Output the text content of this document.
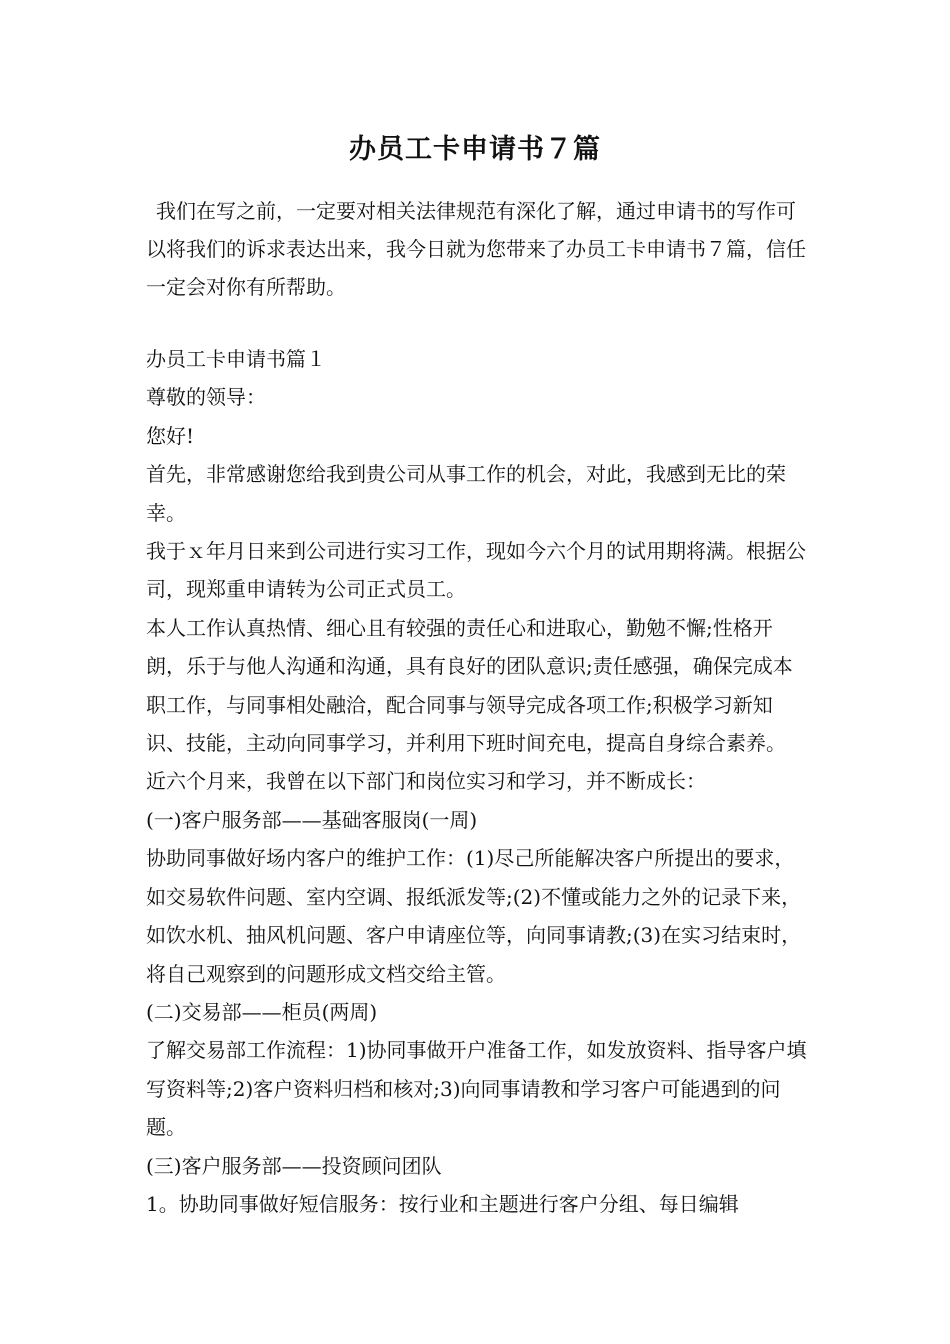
办员工卡申请书７篇

我们在写之前，一定要对相关法律规范有深化了解，通过申请书的写作可以将我们的诉求表达出来，我今日就为您带来了办员工卡申请书７篇，信任一定会对你有所帮助。

办员工卡申请书篇１

尊敬的领导：

您好!

首先，非常感谢您给我到贵公司从事工作的机会，对此，我感到无比的荣幸。

我于ｘ年月日来到公司进行实习工作，现如今六个月的试用期将满。根据公司，现郑重申请转为公司正式员工。

本人工作认真热情、细心且有较强的责任心和进取心，勤勉不懈;性格开朗，乐于与他人沟通和沟通，具有良好的团队意识;责任感强，确保完成本职工作，与同事相处融洽，配合同事与领导完成各项工作;积极学习新知识、技能，主动向同事学习，并利用下班时间充电，提高自身综合素养。

近六个月来，我曾在以下部门和岗位实习和学习，并不断成长：

(一)客户服务部——基础客服岗(一周)

协助同事做好场内客户的维护工作：(1)尽己所能解决客户所提出的要求，如交易软件问题、室内空调、报纸派发等;(2)不懂或能力之外的记录下来，如饮水机、抽风机问题、客户申请座位等，向同事请教;(3)在实习结束时，将自己观察到的问题形成文档交给主管。

(二)交易部——柜员(两周)

了解交易部工作流程：1)协同事做开户准备工作，如发放资料、指导客户填写资料等;2)客户资料归档和核对;3)向同事请教和学习客户可能遇到的问题。

(三)客户服务部——投资顾问团队

1。协助同事做好短信服务：按行业和主题进行客户分组、每日编辑
